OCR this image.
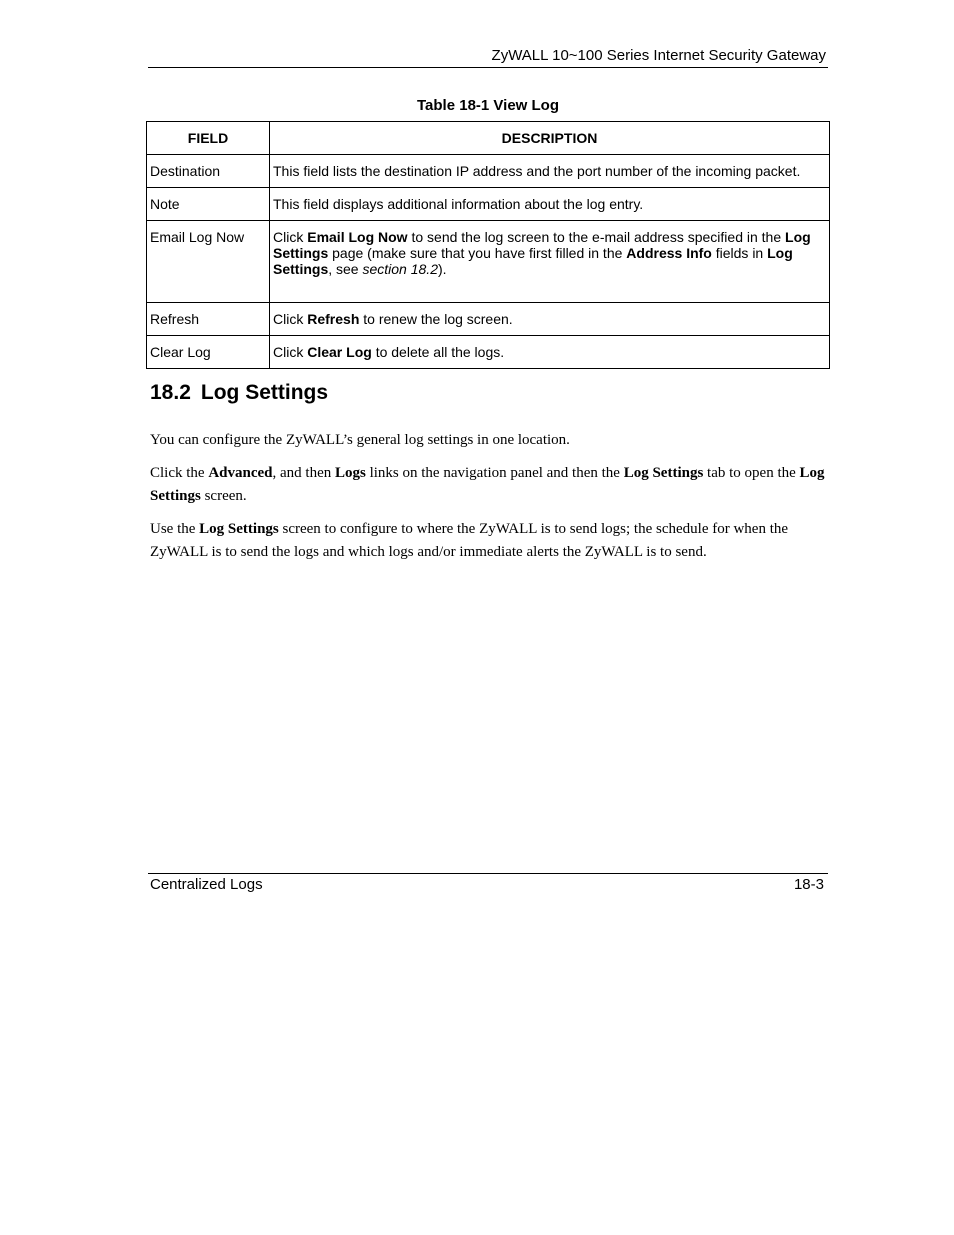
ZyWALL 10~100 Series Internet Security Gateway
Table 18-1 View Log
FIELD	DESCRIPTION
Destination	This field lists the destination IP address and the port number of the incoming packet.
Note	This field displays additional information about the log entry.
Email Log Now	Click Email Log Now to send the log screen to the e-mail address specified in the Log Settings page (make sure that you have first filled in the Address Info fields in Log Settings, see section 18.2).
Refresh	Click Refresh to renew the log screen.
Clear Log	Click Clear Log to delete all the logs.
18.2 Log Settings
You can configure the ZyWALL’s general log settings in one location.
Click the Advanced, and then Logs links on the navigation panel and then the Log Settings tab to open the Log Settings screen.
Use the Log Settings screen to configure to where the ZyWALL is to send logs; the schedule for when the ZyWALL is to send the logs and which logs and/or immediate alerts the ZyWALL is to send.
Centralized Logs	18-3
